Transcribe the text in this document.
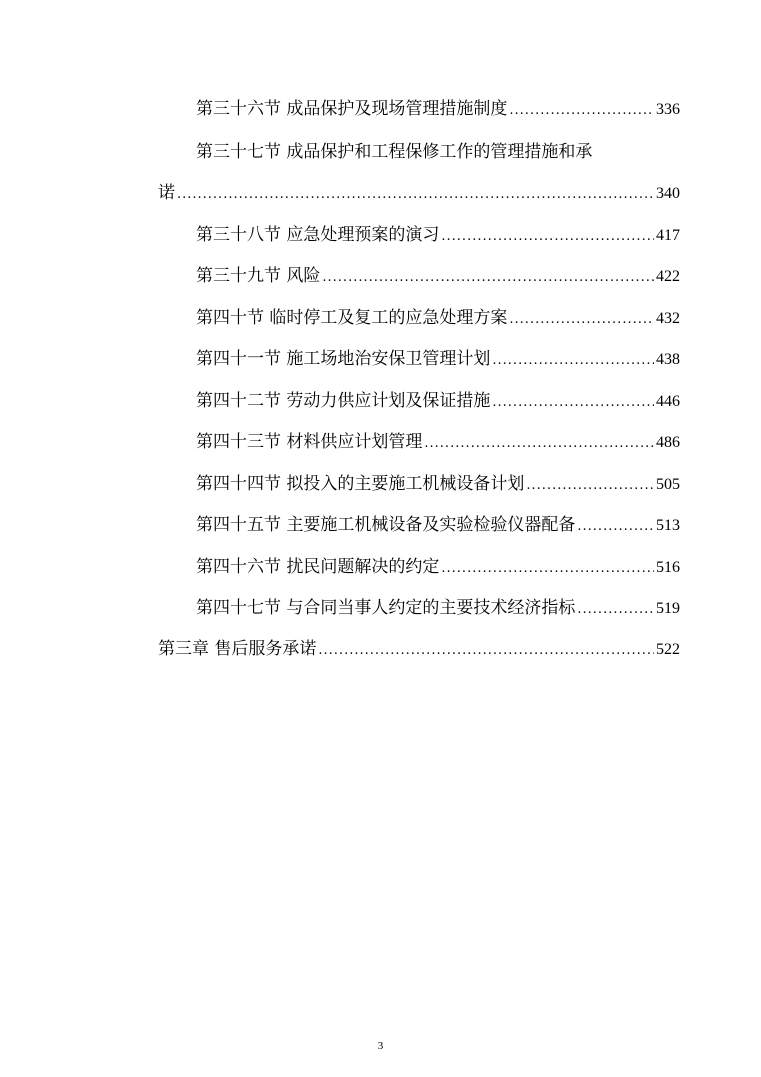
第三十六节 成品保护及现场管理措施制度 .....	336
第三十七节 成品保护和工程保修工作的管理措施和承
诺 .....	340
第三十八节 应急处理预案的演习 .....	417
第三十九节 风险 .....	422
第四十节 临时停工及复工的应急处理方案 .....	432
第四十一节 施工场地治安保卫管理计划 .....	438
第四十二节 劳动力供应计划及保证措施 .....	446
第四十三节 材料供应计划管理 .....	486
第四十四节 拟投入的主要施工机械设备计划 .....	505
第四十五节 主要施工机械设备及实验检验仪器配备 .....	513
第四十六节 扰民问题解决的约定 .....	516
第四十七节 与合同当事人约定的主要技术经济指标 .....	519
第三章 售后服务承诺 .....	522
3
